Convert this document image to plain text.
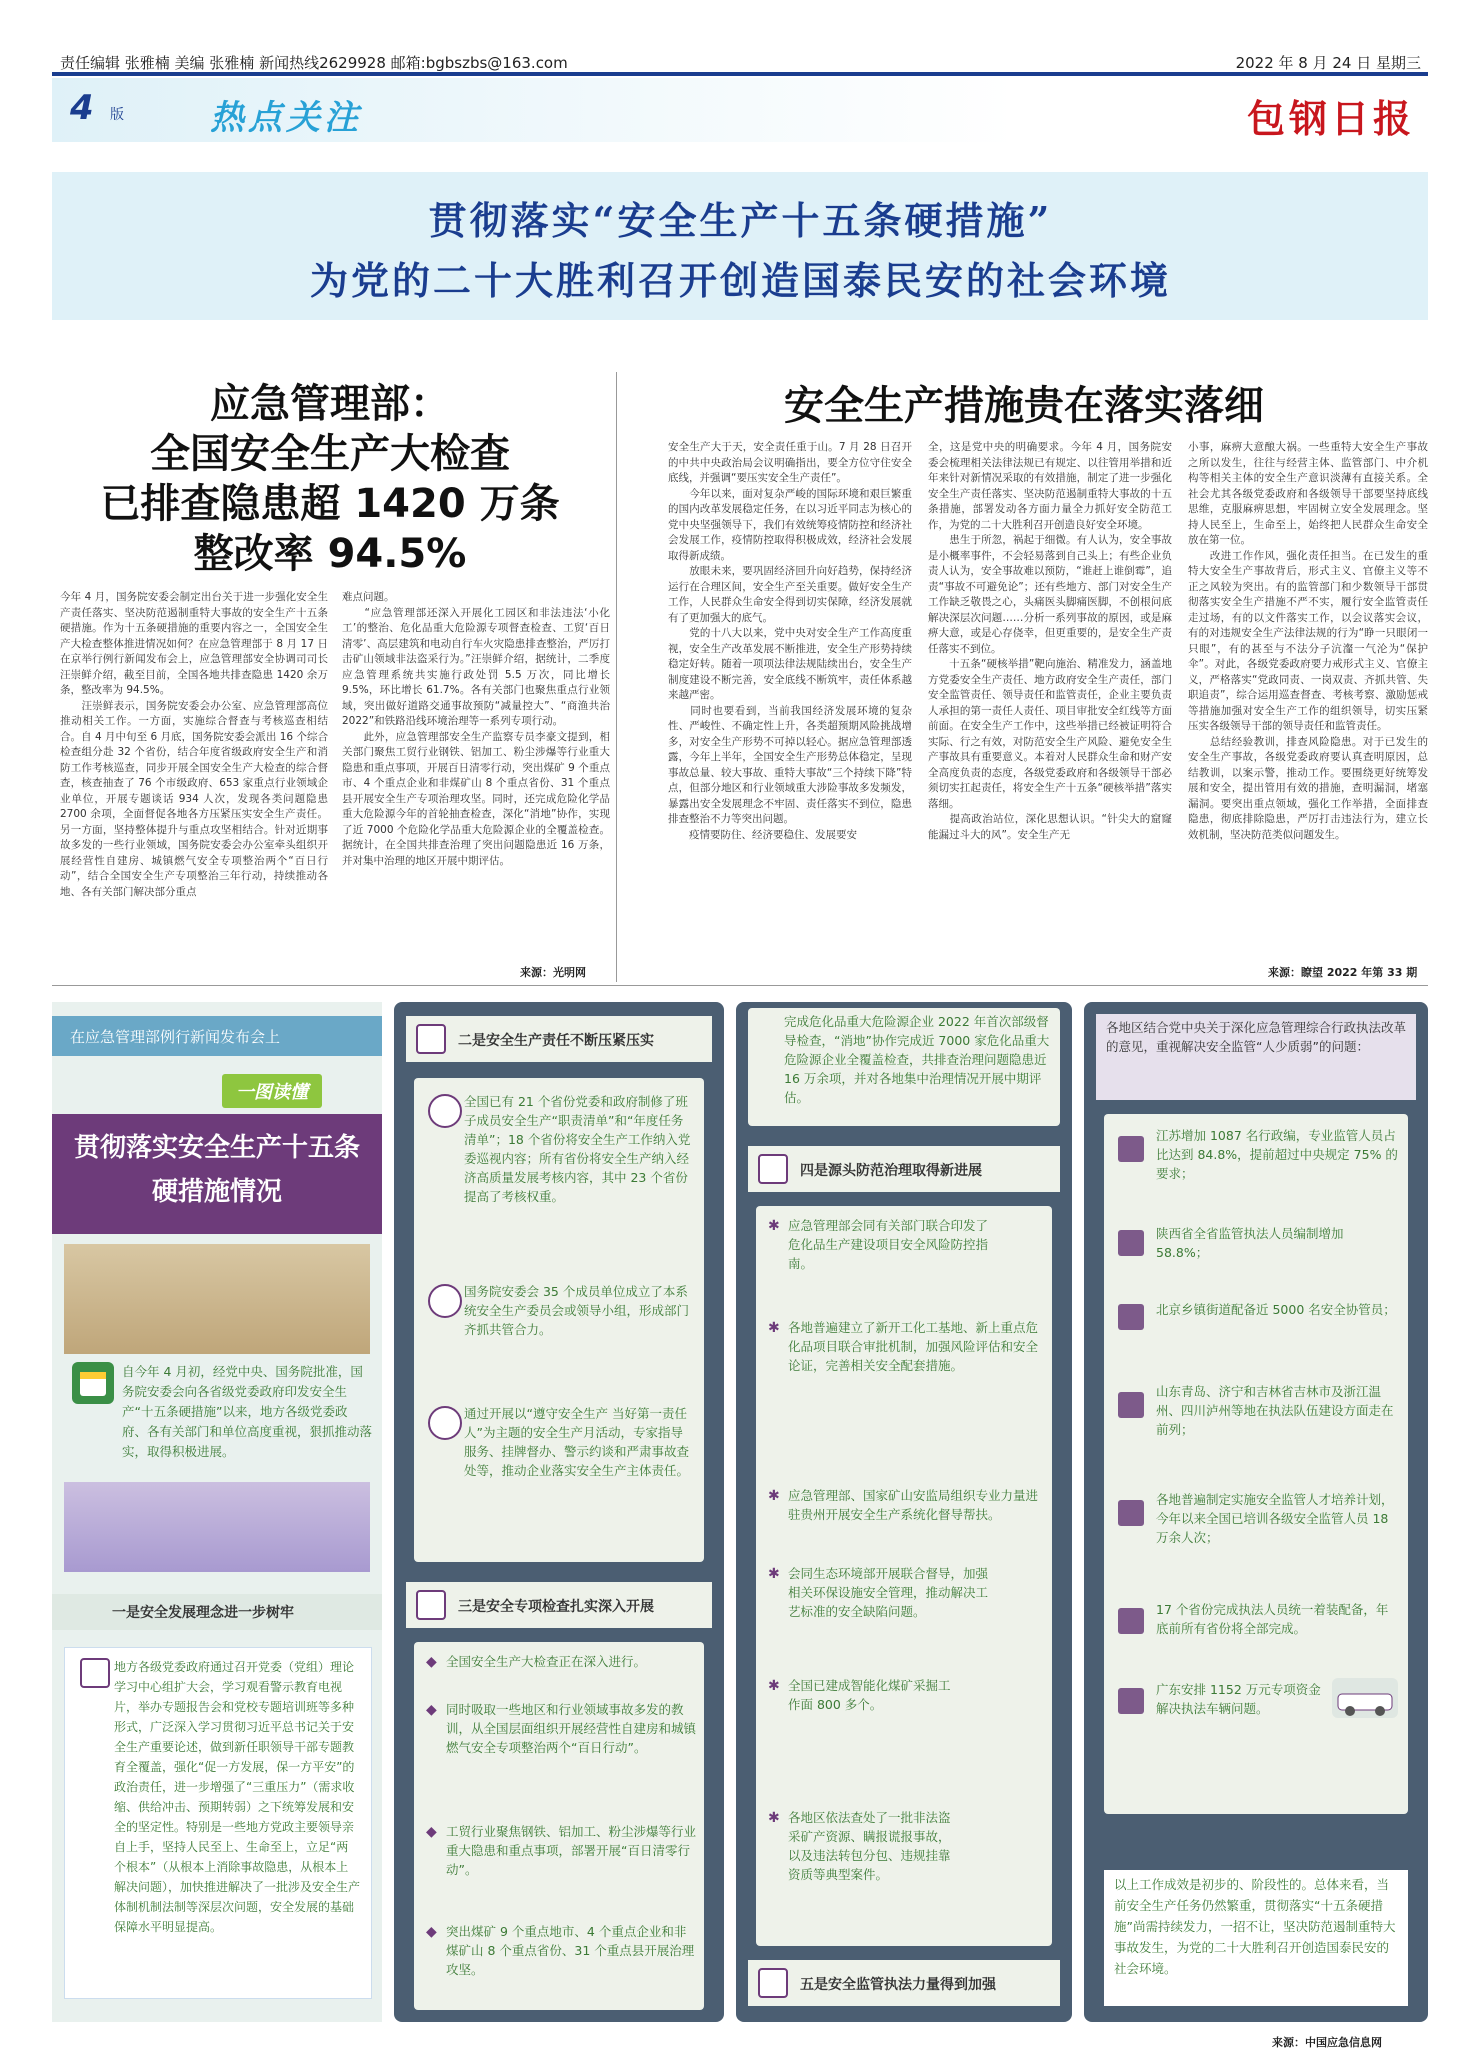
责任编辑 张雅楠 美编 张雅楠 新闻热线2629928 邮箱:bgbszbs@163.com	2022 年 8 月 24 日 星期三
4 版	热点关注	包钢日报
贯彻落实“安全生产十五条硬措施”
为党的二十大胜利召开创造国泰民安的社会环境
应急管理部：
全国安全生产大检查
已排查隐患超 1420 万条
整改率 94.5%
今年 4 月，国务院安委会制定出台关于进一步强化安全生产责任落实、坚决防范遏制重特大事故的安全生产十五条硬措施。作为十五条硬措施的重要内容之一，全国安全生产大检查整体推进情况如何？在应急管理部于 8 月 17 日在京举行例行新闻发布会上，应急管理部安全协调司司长汪崇鲜介绍，截至目前，全国各地共排查隐患 1420 余万条，整改率为 94.5%。
　　汪崇鲜表示，国务院安委会办公室、应急管理部高位推动相关工作。一方面，实施综合督查与考核巡查相结合。自 4 月中旬至 6 月底，国务院安委会派出 16 个综合检查组分赴 32 个省份，结合年度省级政府安全生产和消防工作考核巡查，同步开展全国安全生产大检查的综合督查，核查抽查了 76 个市级政府、653 家重点行业领域企业单位，开展专题谈话 934 人次，发现各类问题隐患 2700 余项，全面督促各地各方压紧压实安全生产责任。另一方面，坚持整体提升与重点攻坚相结合。针对近期事故多发的一些行业领域，国务院安委会办公室牵头组织开展经营性自建房、城镇燃气安全专项整治两个“百日行动”，结合全国安全生产专项整治三年行动，持续推动各地、各有关部门解决部分重点
难点问题。
　　“应急管理部还深入开展化工园区和非法违法‘小化工’的整治、危化品重大危险源专项督查检查、工贸‘百日清零’、高层建筑和电动自行车火灾隐患排查整治，严厉打击矿山领域非法盗采行为。”汪崇鲜介绍，据统计，二季度应急管理系统共实施行政处罚 5.5 万次，同比增长 9.5%，环比增长 61.7%。各有关部门也聚焦重点行业领域，突出做好道路交通事故预防“减量控大”、“商渔共治 2022”和铁路沿线环境治理等一系列专项行动。
　　此外，应急管理部安全生产监察专员李豪文提到，相关部门聚焦工贸行业钢铁、铝加工、粉尘涉爆等行业重大隐患和重点事项，开展百日清零行动，突出煤矿 9 个重点市、4 个重点企业和非煤矿山 8 个重点省份、31 个重点县开展安全生产专项治理攻坚。同时，还完成危险化学品重大危险源今年的首轮抽查检查，深化“消地”协作，实现了近 7000 个危险化学品重大危险源企业的全覆盖检查。据统计，在全国共排查治理了突出问题隐患近 16 万条，并对集中治理的地区开展中期评估。
来源：光明网
安全生产措施贵在落实落细
安全生产大于天，安全责任重于山。7 月 28 日召开的中共中央政治局会议明确指出，要全方位守住安全底线，并强调“要压实安全生产责任”。
　　今年以来，面对复杂严峻的国际环境和艰巨繁重的国内改革发展稳定任务，在以习近平同志为核心的党中央坚强领导下，我们有效统筹疫情防控和经济社会发展工作，疫情防控取得积极成效，经济社会发展取得新成绩。
　　放眼未来，要巩固经济回升向好趋势，保持经济运行在合理区间，安全生产至关重要。做好安全生产工作，人民群众生命安全得到切实保障，经济发展就有了更加强大的底气。
　　党的十八大以来，党中央对安全生产工作高度重视，安全生产改革发展不断推进，安全生产形势持续稳定好转。随着一项项法律法规陆续出台，安全生产制度建设不断完善，安全底线不断筑牢，责任体系越来越严密。
　　同时也要看到，当前我国经济发展环境的复杂性、严峻性、不确定性上升，各类超预期风险挑战增多，对安全生产形势不可掉以轻心。据应急管理部透露，今年上半年，全国安全生产形势总体稳定，呈现事故总量、较大事故、重特大事故“三个持续下降”特点，但部分地区和行业领域重大涉险事故多发频发，暴露出安全发展理念不牢固、责任落实不到位，隐患排查整治不力等突出问题。
　　疫情要防住、经济要稳住、发展要安
全，这是党中央的明确要求。今年 4 月，国务院安委会梳理相关法律法规已有规定、以往管用举措和近年来针对新情况采取的有效措施，制定了进一步强化安全生产责任落实、坚决防范遏制重特大事故的十五条措施，部署发动各方面力量全力抓好安全防范工作，为党的二十大胜利召开创造良好安全环境。
　　患生于所忽，祸起于细微。有人认为，安全事故是小概率事件，不会轻易落到自己头上；有些企业负责人认为，安全事故难以预防，“谁赶上谁倒霉”，追责“事故不可避免论”；还有些地方、部门对安全生产工作缺乏敬畏之心，头痛医头脚痛医脚，不创根问底解决深层次问题……分析一系列事故的原因，或是麻痹大意，或是心存侥幸，但更重要的，是安全生产责任落实不到位。
　　十五条“硬核举措”靶向施治、精准发力，涵盖地方党委安全生产责任、地方政府安全生产责任，部门安全监管责任、领导责任和监管责任，企业主要负责人承担的第一责任人责任、项目审批安全红线等方面前面。在安全生产工作中，这些举措已经被证明符合实际、行之有效，对防范安全生产风险、避免安全生产事故具有重要意义。本着对人民群众生命和财产安全高度负责的态度，各级党委政府和各级领导干部必须切实扛起责任，将安全生产十五条“硬核举措”落实落细。
　　提高政治站位，深化思想认识。“针尖大的窟窿能漏过斗大的风”。安全生产无
小事，麻痹大意酿大祸。一些重特大安全生产事故之所以发生，往往与经营主体、监管部门、中介机构等相关主体的安全生产意识淡薄有直接关系。全社会尤其各级党委政府和各级领导干部要坚持底线思维，克服麻痹思想，牢固树立安全发展理念。坚持人民至上，生命至上，始终把人民群众生命安全放在第一位。
　　改进工作作风，强化责任担当。在已发生的重特大安全生产事故背后，形式主义、官僚主义等不正之风较为突出。有的监管部门和少数领导干部贯彻落实安全生产措施不严不实，履行安全监管责任走过场，有的以文件落实工作，以会议落实会议，有的对违规安全生产法律法规的行为“睁一只眼闭一只眼”，有的甚至与不法分子沆瀣一气沦为“保护伞”。对此，各级党委政府要力戒形式主义、官僚主义，严格落实“党政同责、一岗双责、齐抓共管、失职追责”，综合运用巡查督查、考核考察、激励惩戒等措施加强对安全生产工作的组织领导，切实压紧压实各级领导干部的领导责任和监管责任。
　　总结经验教训，排查风险隐患。对于已发生的安全生产事故，各级党委政府要认真查明原因，总结教训，以案示警，推动工作。要围绕更好统筹发展和安全，提出管用有效的措施，查明漏洞，堵塞漏洞。要突出重点领域，强化工作举措，全面排查隐患，彻底排除隐患，严厉打击违法行为，建立长效机制，坚决防范类似问题发生。
来源：瞭望 2022 年第 33 期
在应急管理部例行新闻发布会上
一图读懂
贯彻落实安全生产十五条硬措施情况
自今年 4 月初，经党中央、国务院批准，国务院安委会向各省级党委政府印发安全生产“十五条硬措施”以来，地方各级党委政府、各有关部门和单位高度重视，狠抓推动落实，取得积极进展。
一是安全发展理念进一步树牢
地方各级党委政府通过召开党委（党组）理论学习中心组扩大会，学习观看警示教育电视片，举办专题报告会和党校专题培训班等多种形式，广泛深入学习贯彻习近平总书记关于安全生产重要论述，做到新任职领导干部专题教育全覆盖，强化“促一方发展，保一方平安”的政治责任，进一步增强了“三重压力”（需求收缩、供给冲击、预期转弱）之下统筹发展和安全的坚定性。特别是一些地方党政主要领导亲自上手，坚持人民至上、生命至上，立足“两个根本”（从根本上消除事故隐患，从根本上解决问题），加快推进解决了一批涉及安全生产体制机制法制等深层次问题，安全发展的基础保障水平明显提高。
二是安全生产责任不断压紧压实
全国已有 21 个省份党委和政府制修了班子成员安全生产“职责清单”和“年度任务清单”；18 个省份将安全生产工作纳入党委巡视内容；所有省份将安全生产纳入经济高质量发展考核内容，其中 23 个省份提高了考核权重。
国务院安委会 35 个成员单位成立了本系统安全生产委员会或领导小组，形成部门齐抓共管合力。
通过开展以“遵守安全生产 当好第一责任人”为主题的安全生产月活动，专家指导服务、挂牌督办、警示约谈和严肃事故查处等，推动企业落实安全生产主体责任。
三是安全专项检查扎实深入开展
◆ 全国安全生产大检查正在深入进行。
◆ 同时吸取一些地区和行业领域事故多发的教训，从全国层面组织开展经营性自建房和城镇燃气安全专项整治两个“百日行动”。
◆ 工贸行业聚焦钢铁、铝加工、粉尘涉爆等行业重大隐患和重点事项，部署开展“百日清零行动”。
◆ 突出煤矿 9 个重点地市、4 个重点企业和非煤矿山 8 个重点省份、31 个重点县开展治理攻坚。
完成危化品重大危险源企业 2022 年首次部级督导检查，“消地”协作完成近 7000 家危化品重大危险源企业全覆盖检查，共排查治理问题隐患近 16 万余项，并对各地集中治理情况开展中期评估。
四是源头防范治理取得新进展
✱ 应急管理部会同有关部门联合印发了危化品生产建设项目安全风险防控指南。
✱ 各地普遍建立了新开工化工基地、新上重点危化品项目联合审批机制，加强风险评估和安全论证，完善相关安全配套措施。
✱ 应急管理部、国家矿山安监局组织专业力量进驻贵州开展安全生产系统化督导帮扶。
✱ 会同生态环境部开展联合督导，加强相关环保设施安全管理，推动解决工艺标准的安全缺陷问题。
✱ 全国已建成智能化煤矿采掘工作面 800 多个。
✱ 各地区依法查处了一批非法盗采矿产资源、瞒报谎报事故，以及违法转包分包、违规挂靠资质等典型案件。
五是安全监管执法力量得到加强
各地区结合党中央关于深化应急管理综合行政执法改革的意见，重视解决安全监管“人少质弱”的问题：
江苏增加 1087 名行政编，专业监管人员占比达到 84.8%，提前超过中央规定 75% 的要求；
陕西省全省监管执法人员编制增加 58.8%；
北京乡镇街道配备近 5000 名安全协管员；
山东青岛、济宁和吉林省吉林市及浙江温州、四川泸州等地在执法队伍建设方面走在前列；
各地普遍制定实施安全监管人才培养计划，今年以来全国已培训各级安全监管人员 18 万余人次；
17 个省份完成执法人员统一着装配备，年底前所有省份将全部完成。
广东安排 1152 万元专项资金解决执法车辆问题。
以上工作成效是初步的、阶段性的。总体来看，当前安全生产任务仍然繁重，贯彻落实“十五条硬措施”尚需持续发力，一招不让，坚决防范遏制重特大事故发生，为党的二十大胜利召开创造国泰民安的社会环境。
来源：中国应急信息网
